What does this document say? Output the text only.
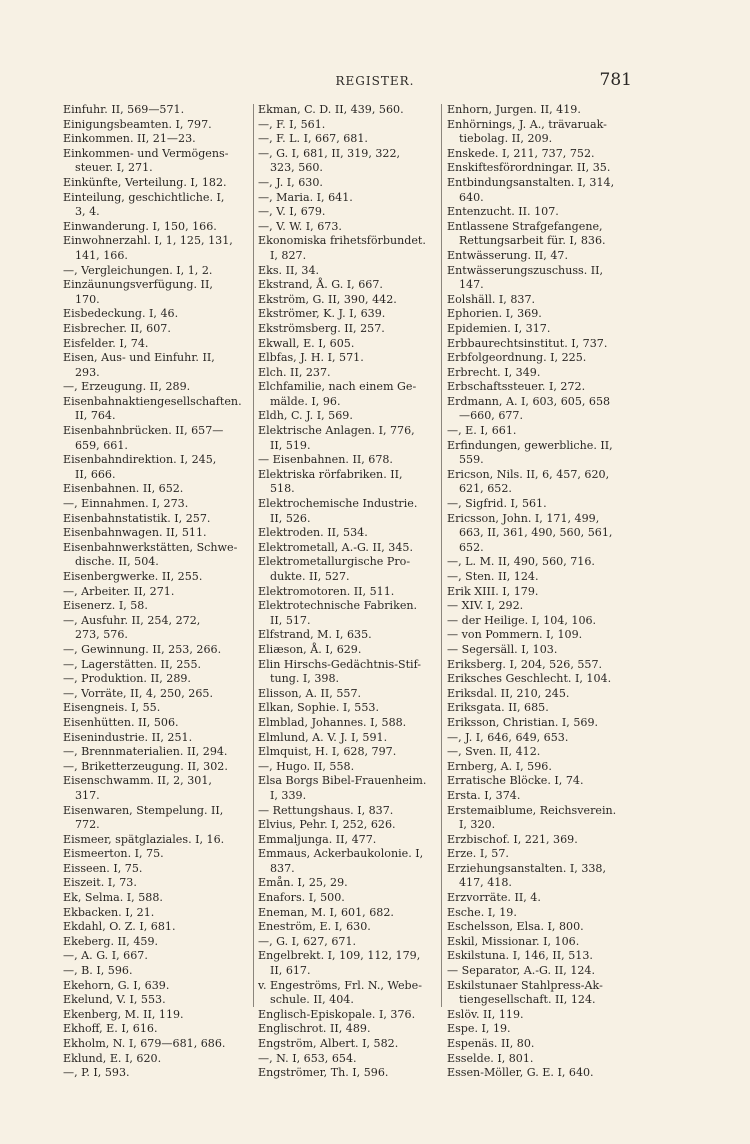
REGISTER.	781
Einfuhr. II, 569—571.
Einigungsbeamten. I, 797.
Einkommen. II, 21—23.
Einkommen- und Vermögens-
steuer. I, 271.
Einkünfte, Verteilung. I, 182.
Einteilung, geschichtliche. I,
3, 4.
Einwanderung. I, 150, 166.
Einwohnerzahl. I, 1, 125, 131,
141, 166.
—, Vergleichungen. I, 1, 2.
Einzäunungsverfügung. II,
170.
Eisbedeckung. I, 46.
Eisbrecher. II, 607.
Eisfelder. I, 74.
Eisen, Aus- und Einfuhr. II,
293.
—, Erzeugung. II, 289.
Eisenbahnaktiengesellschaften.
II, 764.
Eisenbahnbrücken. II, 657—
659, 661.
Eisenbahndirektion. I, 245,
II, 666.
Eisenbahnen. II, 652.
—, Einnahmen. I, 273.
Eisenbahnstatistik. I, 257.
Eisenbahnwagen. II, 511.
Eisenbahnwerkstätten, Schwe-
dische. II, 504.
Eisenbergwerke. II, 255.
—, Arbeiter. II, 271.
Eisenerz. I, 58.
—, Ausfuhr. II, 254, 272,
273, 576.
—, Gewinnung. II, 253, 266.
—, Lagerstätten. II, 255.
—, Produktion. II, 289.
—, Vorräte, II, 4, 250, 265.
Eisengneis. I, 55.
Eisenhütten. II, 506.
Eisenindustrie. II, 251.
—, Brennmaterialien. II, 294.
—, Briketterzeugung. II, 302.
Eisenschwamm. II, 2, 301,
317.
Eisenwaren, Stempelung. II,
772.
Eismeer, spätglaziales. I, 16.
Eismeerton. I, 75.
Eisseen. I, 75.
Eiszeit. I, 73.
Ek, Selma. I, 588.
Ekbacken. I, 21.
Ekdahl, O. Z. I, 681.
Ekeberg. II, 459.
—, A. G. I, 667.
—, B. I, 596.
Ekehorn, G. I, 639.
Ekelund, V. I, 553.
Ekenberg, M. II, 119.
Ekhoff, E. I, 616.
Ekholm, N. I, 679—681, 686.
Eklund, E. I, 620.
—, P. I, 593.
Ekman, C. D. II, 439, 560.
—, F. I, 561.
—, F. L. I, 667, 681.
—, G. I, 681, II, 319, 322,
323, 560.
—, J. I, 630.
—, Maria. I, 641.
—, V. I, 679.
—, V. W. I, 673.
Ekonomiska frihetsförbundet.
I, 827.
Eks. II, 34.
Ekstrand, Å. G. I, 667.
Ekström, G. II, 390, 442.
Ekströmer, K. J. I, 639.
Ekströmsberg. II, 257.
Ekwall, E. I, 605.
Elbfas, J. H. I, 571.
Elch. II, 237.
Elchfamilie, nach einem Ge-
mälde. I, 96.
Eldh, C. J. I, 569.
Elektrische Anlagen. I, 776,
II, 519.
— Eisenbahnen. II, 678.
Elektriska rörfabriken. II,
518.
Elektrochemische Industrie.
II, 526.
Elektroden. II, 534.
Elektrometall, A.-G. II, 345.
Elektrometallurgische Pro-
dukte. II, 527.
Elektromotoren. II, 511.
Elektrotechnische Fabriken.
II, 517.
Elfstrand, M. I, 635.
Eliæson, Å. I, 629.
Elin Hirschs-Gedächtnis-Stif-
tung. I, 398.
Elisson, A. II, 557.
Elkan, Sophie. I, 553.
Elmblad, Johannes. I, 588.
Elmlund, A. V. J. I, 591.
Elmquist, H. I, 628, 797.
—, Hugo. II, 558.
Elsa Borgs Bibel-Frauenheim.
I, 339.
— Rettungshaus. I, 837.
Elvius, Pehr. I, 252, 626.
Emmaljunga. II, 477.
Emmaus, Ackerbaukolonie. I,
837.
Emån. I, 25, 29.
Enafors. I, 500.
Eneman, M. I, 601, 682.
Eneström, E. I, 630.
—, G. I, 627, 671.
Engelbrekt. I, 109, 112, 179,
II, 617.
v. Engeströms, Frl. N., Webe-
schule. II, 404.
Englisch-Episkopale. I, 376.
Englischrot. II, 489.
Engström, Albert. I, 582.
—, N. I, 653, 654.
Engströmer, Th. I, 596.
Enhorn, Jurgen. II, 419.
Enhörnings, J. A., trävaruak-
tiebolag. II, 209.
Enskede. I, 211, 737, 752.
Enskiftesförordningar. II, 35.
Entbindungsanstalten. I, 314,
640.
Entenzucht. II. 107.
Entlassene Strafgefangene,
Rettungsarbeit für. I, 836.
Entwässerung. II, 47.
Entwässerungszuschuss. II,
147.
Eolshäll. I, 837.
Ephorien. I, 369.
Epidemien. I, 317.
Erbbaurechtsinstitut. I, 737.
Erbfolgeordnung. I, 225.
Erbrecht. I, 349.
Erbschaftssteuer. I, 272.
Erdmann, A. I, 603, 605, 658
—660, 677.
—, E. I, 661.
Erfindungen, gewerbliche. II,
559.
Ericson, Nils. II, 6, 457, 620,
621, 652.
—, Sigfrid. I, 561.
Ericsson, John. I, 171, 499,
663, II, 361, 490, 560, 561,
652.
—, L. M. II, 490, 560, 716.
—, Sten. II, 124.
Erik XIII. I, 179.
— XIV. I, 292.
— der Heilige. I, 104, 106.
— von Pommern. I, 109.
— Segersäll. I, 103.
Eriksberg. I, 204, 526, 557.
Eriksches Geschlecht. I, 104.
Eriksdal. II, 210, 245.
Eriksgata. II, 685.
Eriksson, Christian. I, 569.
—, J. I, 646, 649, 653.
—, Sven. II, 412.
Ernberg, A. I, 596.
Erratische Blöcke. I, 74.
Ersta. I, 374.
Erstemaiblume, Reichsverein.
I, 320.
Erzbischof. I, 221, 369.
Erze. I, 57.
Erziehungsanstalten. I, 338,
417, 418.
Erzvorräte. II, 4.
Esche. I, 19.
Eschelsson, Elsa. I, 800.
Eskil, Missionar. I, 106.
Eskilstuna. I, 146, II, 513.
— Separator, A.-G. II, 124.
Eskilstunaer Stahlpress-Ak-
tiengesellschaft. II, 124.
Eslöv. II, 119.
Espe. I, 19.
Espenäs. II, 80.
Esselde. I, 801.
Essen-Möller, G. E. I, 640.
